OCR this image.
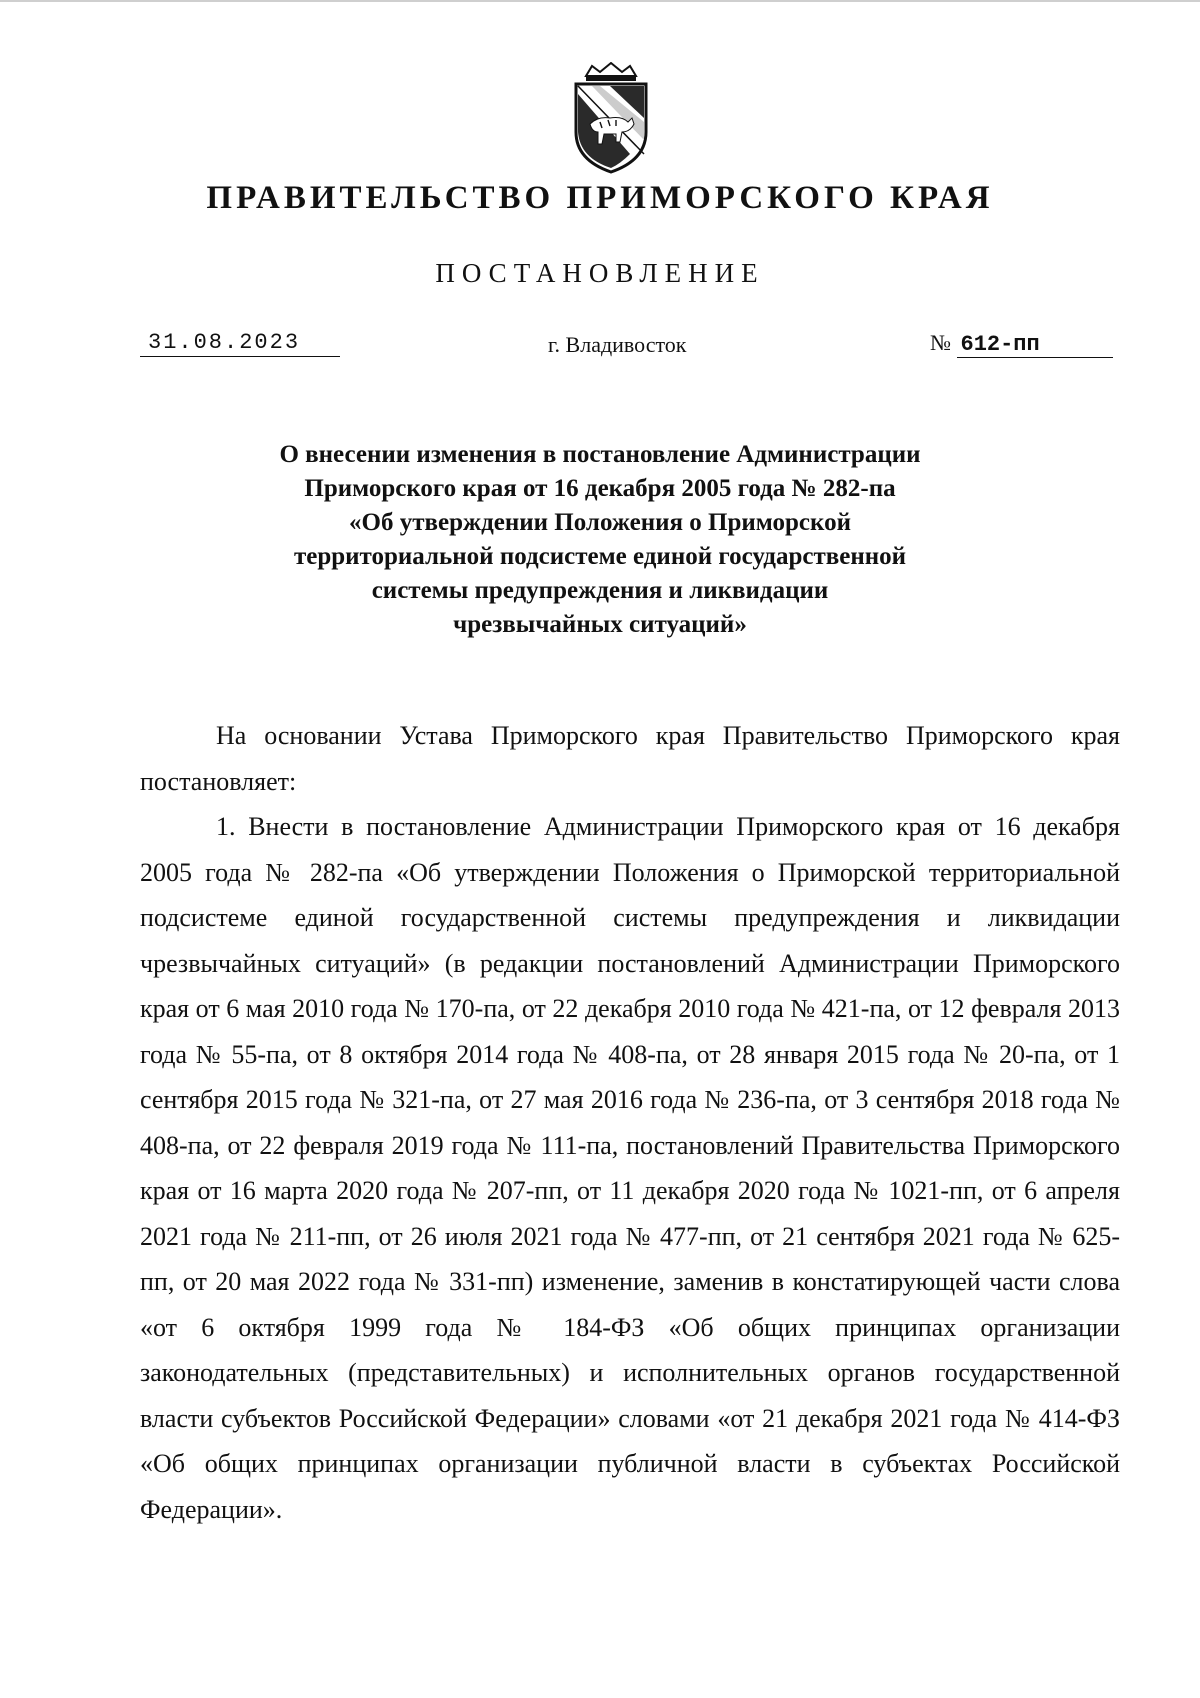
ПРАВИТЕЛЬСТВО ПРИМОРСКОГО КРАЯ
ПОСТАНОВЛЕНИЕ
31.08.2023	г. Владивосток	№ 612-пп
О внесении изменения в постановление Администрации
Приморского края от 16 декабря 2005 года № 282-па
«Об утверждении Положения о Приморской
территориальной подсистеме единой государственной
системы предупреждения и ликвидации
чрезвычайных ситуаций»

На основании Устава Приморского края Правительство Приморского края постановляет:

1. Внести в постановление Администрации Приморского края от 16 декабря 2005 года № 282-па «Об утверждении Положения о Приморской территориальной подсистеме единой государственной системы предупреждения и ликвидации чрезвычайных ситуаций» (в редакции постановлений Администрации Приморского края от 6 мая 2010 года № 170-па, от 22 декабря 2010 года № 421-па, от 12 февраля 2013 года № 55-па, от 8 октября 2014 года № 408-па, от 28 января 2015 года № 20-па, от 1 сентября 2015 года № 321-па, от 27 мая 2016 года № 236-па, от 3 сентября 2018 года № 408-па, от 22 февраля 2019 года № 111-па, постановлений Правительства Приморского края от 16 марта 2020 года № 207-пп, от 11 декабря 2020 года № 1021-пп, от 6 апреля 2021 года № 211-пп, от 26 июля 2021 года № 477-пп, от 21 сентября 2021 года № 625-пп, от 20 мая 2022 года № 331-пп) изменение, заменив в констатирующей части слова «от 6 октября 1999 года № 184-ФЗ «Об общих принципах организации законодательных (представительных) и исполнительных органов государственной власти субъектов Российской Федерации» словами «от 21 декабря 2021 года № 414-ФЗ «Об общих принципах организации публичной власти в субъектах Российской Федерации».
